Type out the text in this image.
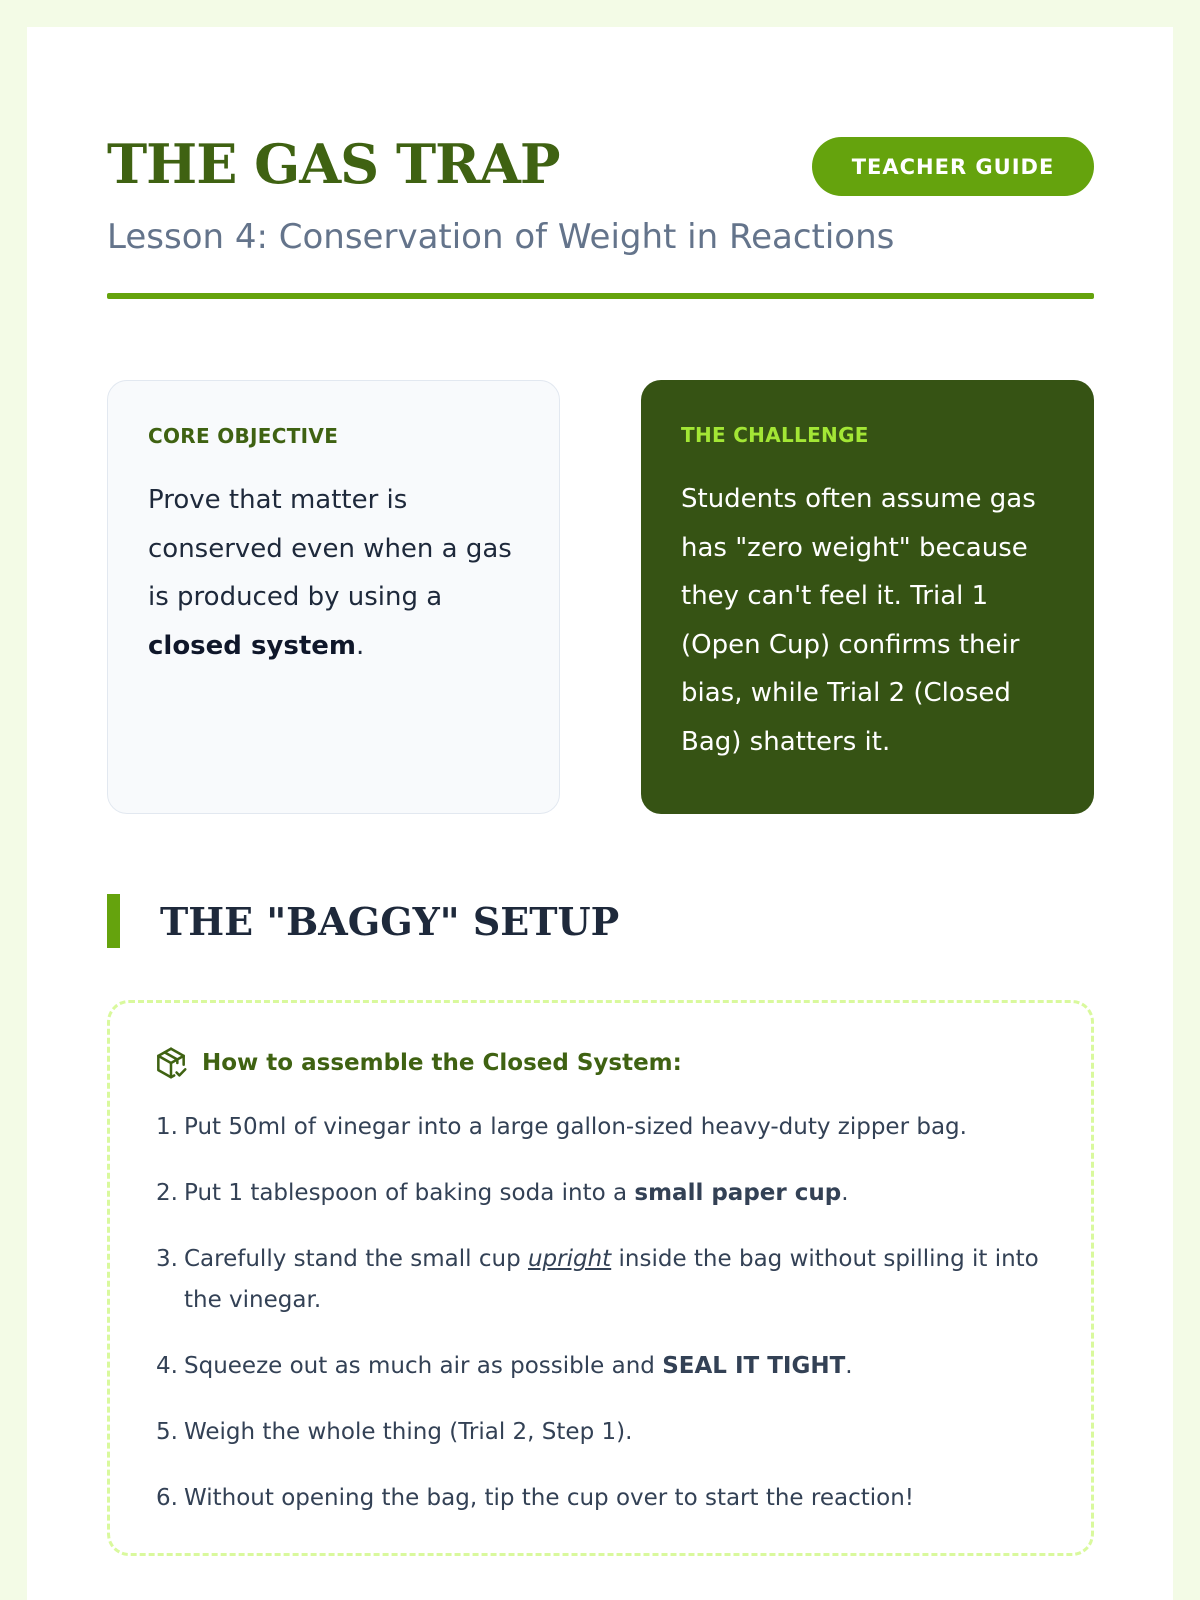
THE GAS TRAP	TEACHER GUIDE
Lesson 4: Conservation of Weight in Reactions
CORE OBJECTIVE

Prove that matter is conserved even when a gas is produced by using a closed system.

THE CHALLENGE

Students often assume gas has "zero weight" because they can't feel it. Trial 1 (Open Cup) confirms their bias, while Trial 2 (Closed Bag) shatters it.

THE "BAGGY" SETUP
How to assemble the Closed System:
1. Put 50ml of vinegar into a large gallon-sized heavy-duty zipper bag.
2. Put 1 tablespoon of baking soda into a small paper cup.
3. Carefully stand the small cup upright inside the bag without spilling it into the vinegar.
4. Squeeze out as much air as possible and SEAL IT TIGHT.
5. Weigh the whole thing (Trial 2, Step 1).
6. Without opening the bag, tip the cup over to start the reaction!
